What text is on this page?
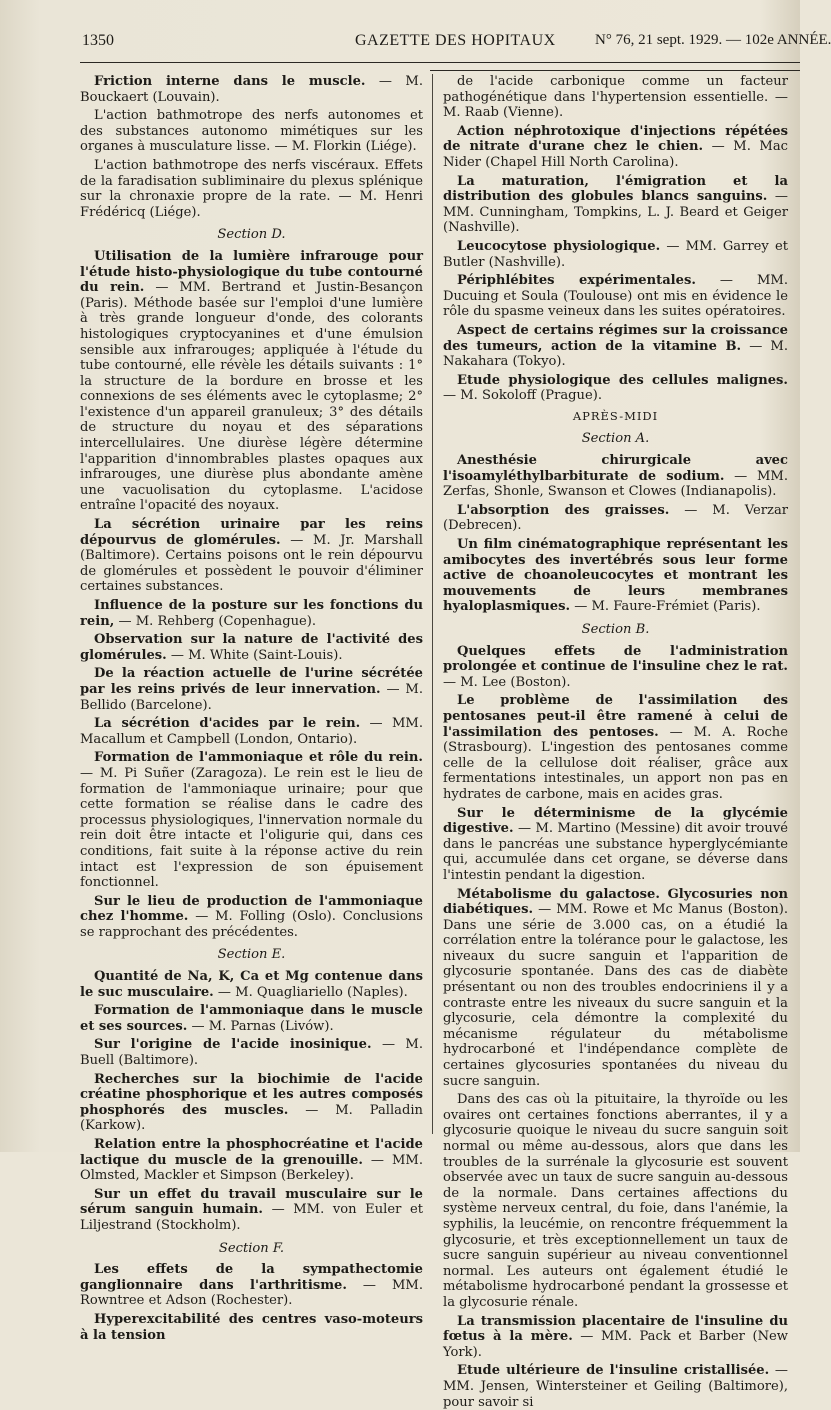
1350	GAZETTE DES HOPITAUX	N° 76, 21 sept. 1929. — 102e ANNÉE.

Friction interne dans le muscle. — M. Bouckaert (Louvain).

L'action bathmotrope des nerfs autonomes et des substances autonomo mimétiques sur les organes à musculature lisse. — M. Florkin (Liége).

L'action bathmotrope des nerfs viscéraux. Effets de la faradisation subliminaire du plexus splénique sur la chronaxie propre de la rate. — M. Henri Frédéricq (Liége).

Section D.

Utilisation de la lumière infrarouge pour l'étude histo-physiologique du tube contourné du rein. — MM. Bertrand et Justin-Besançon (Paris). Méthode basée sur l'emploi d'une lumière à très grande longueur d'onde, des colorants histologiques cryptocyanines et d'une émulsion sensible aux infrarouges; appliquée à l'étude du tube contourné, elle révèle les détails suivants : 1° la structure de la bordure en brosse et les connexions de ses éléments avec le cytoplasme; 2° l'existence d'un appareil granuleux; 3° des détails de structure du noyau et des séparations intercellulaires. Une diurèse légère détermine l'apparition d'innombrables plastes opaques aux infrarouges, une diurèse plus abondante amène une vacuolisation du cytoplasme. L'acidose entraîne l'opacité des noyaux.

La sécrétion urinaire par les reins dépourvus de glomérules. — M. Jr. Marshall (Baltimore). Certains poisons ont le rein dépourvu de glomérules et possèdent le pouvoir d'éliminer certaines substances.

Influence de la posture sur les fonctions du rein, — M. Rehberg (Copenhague).

Observation sur la nature de l'activité des glomérules. — M. White (Saint-Louis).

De la réaction actuelle de l'urine sécrétée par les reins privés de leur innervation. — M. Bellido (Barcelone).

La sécrétion d'acides par le rein. — MM. Macallum et Campbell (London, Ontario).

Formation de l'ammoniaque et rôle du rein. — M. Pi Suñer (Zaragoza). Le rein est le lieu de formation de l'ammoniaque urinaire; pour que cette formation se réalise dans le cadre des processus physiologiques, l'innervation normale du rein doit être intacte et l'oligurie qui, dans ces conditions, fait suite à la réponse active du rein intact est l'expression de son épuisement fonctionnel.

Sur le lieu de production de l'ammoniaque chez l'homme. — M. Folling (Oslo). Conclusions se rapprochant des précédentes.

Section E.

Quantité de Na, K, Ca et Mg contenue dans le suc musculaire. — M. Quagliariello (Naples).

Formation de l'ammoniaque dans le muscle et ses sources. — M. Parnas (Livów).

Sur l'origine de l'acide inosinique. — M. Buell (Baltimore).

Recherches sur la biochimie de l'acide créatine phosphorique et les autres composés phosphorés des muscles. — M. Palladin (Karkow).

Relation entre la phosphocréatine et l'acide lactique du muscle de la grenouille. — MM. Olmsted, Mackler et Simpson (Berkeley).

Sur un effet du travail musculaire sur le sérum sanguin humain. — MM. von Euler et Liljestrand (Stockholm).

Section F.

Les effets de la sympathectomie ganglionnaire dans l'arthritisme. — MM. Rowntree et Adson (Rochester).

Hyperexcitabilité des centres vaso-moteurs à la tension

de l'acide carbonique comme un facteur pathogénétique dans l'hypertension essentielle. — M. Raab (Vienne).

Action néphrotoxique d'injections répétées de nitrate d'urane chez le chien. — M. Mac Nider (Chapel Hill North Carolina).

La maturation, l'émigration et la distribution des globules blancs sanguins. — MM. Cunningham, Tompkins, L. J. Beard et Geiger (Nashville).

Leucocytose physiologique. — MM. Garrey et Butler (Nashville).

Périphlébites expérimentales. — MM. Ducuing et Soula (Toulouse) ont mis en évidence le rôle du spasme veineux dans les suites opératoires.

Aspect de certains régimes sur la croissance des tumeurs, action de la vitamine B. — M. Nakahara (Tokyo).

Etude physiologique des cellules malignes. — M. Sokoloff (Prague).

APRÈS-MIDI

Section A.

Anesthésie chirurgicale avec l'isoamyléthylbarbiturate de sodium. — MM. Zerfas, Shonle, Swanson et Clowes (Indianapolis).

L'absorption des graisses. — M. Verzar (Debrecen).

Un film cinématographique représentant les amibocytes des invertébrés sous leur forme active de choanoleucocytes et montrant les mouvements de leurs membranes hyaloplasmiques. — M. Faure-Frémiet (Paris).

Section B.

Quelques effets de l'administration prolongée et continue de l'insuline chez le rat. — M. Lee (Boston).

Le problème de l'assimilation des pentosanes peut-il être ramené à celui de l'assimilation des pentoses. — M. A. Roche (Strasbourg). L'ingestion des pentosanes comme celle de la cellulose doit réaliser, grâce aux fermentations intestinales, un apport non pas en hydrates de carbone, mais en acides gras.

Sur le déterminisme de la glycémie digestive. — M. Martino (Messine) dit avoir trouvé dans le pancréas une substance hyperglycémiante qui, accumulée dans cet organe, se déverse dans l'intestin pendant la digestion.

Métabolisme du galactose. Glycosuries non diabétiques. — MM. Rowe et Mc Manus (Boston). Dans une série de 3.000 cas, on a étudié la corrélation entre la tolérance pour le galactose, les niveaux du sucre sanguin et l'apparition de glycosurie spontanée. Dans des cas de diabète présentant ou non des troubles endocriniens il y a contraste entre les niveaux du sucre sanguin et la glycosurie, cela démontre la complexité du mécanisme régulateur du métabolisme hydrocarboné et l'indépendance complète de certaines glycosuries spontanées du niveau du sucre sanguin.

Dans des cas où la pituitaire, la thyroïde ou les ovaires ont certaines fonctions aberrantes, il y a glycosurie quoique le niveau du sucre sanguin soit normal ou même au-dessous, alors que dans les troubles de la surrénale la glycosurie est souvent observée avec un taux de sucre sanguin au-dessous de la normale. Dans certaines affections du système nerveux central, du foie, dans l'anémie, la syphilis, la leucémie, on rencontre fréquemment la glycosurie, et très exceptionnellement un taux de sucre sanguin supérieur au niveau conventionnel normal. Les auteurs ont également étudié le métabolisme hydrocarboné pendant la grossesse et la glycosurie rénale.

La transmission placentaire de l'insuline du fœtus à la mère. — MM. Pack et Barber (New York).

Etude ultérieure de l'insuline cristallisée. — MM. Jensen, Wintersteiner et Geiling (Baltimore), pour savoir si
